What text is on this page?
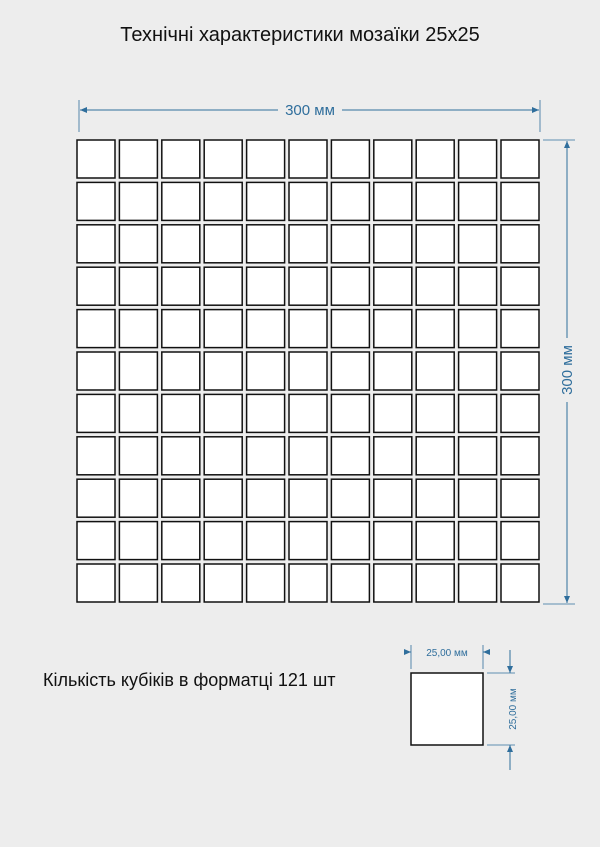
Технічні характеристики мозаїки 25х25
Кількість кубіків в форматці 121 шт
300 мм
300 мм
25,00 мм
25,00 мм
